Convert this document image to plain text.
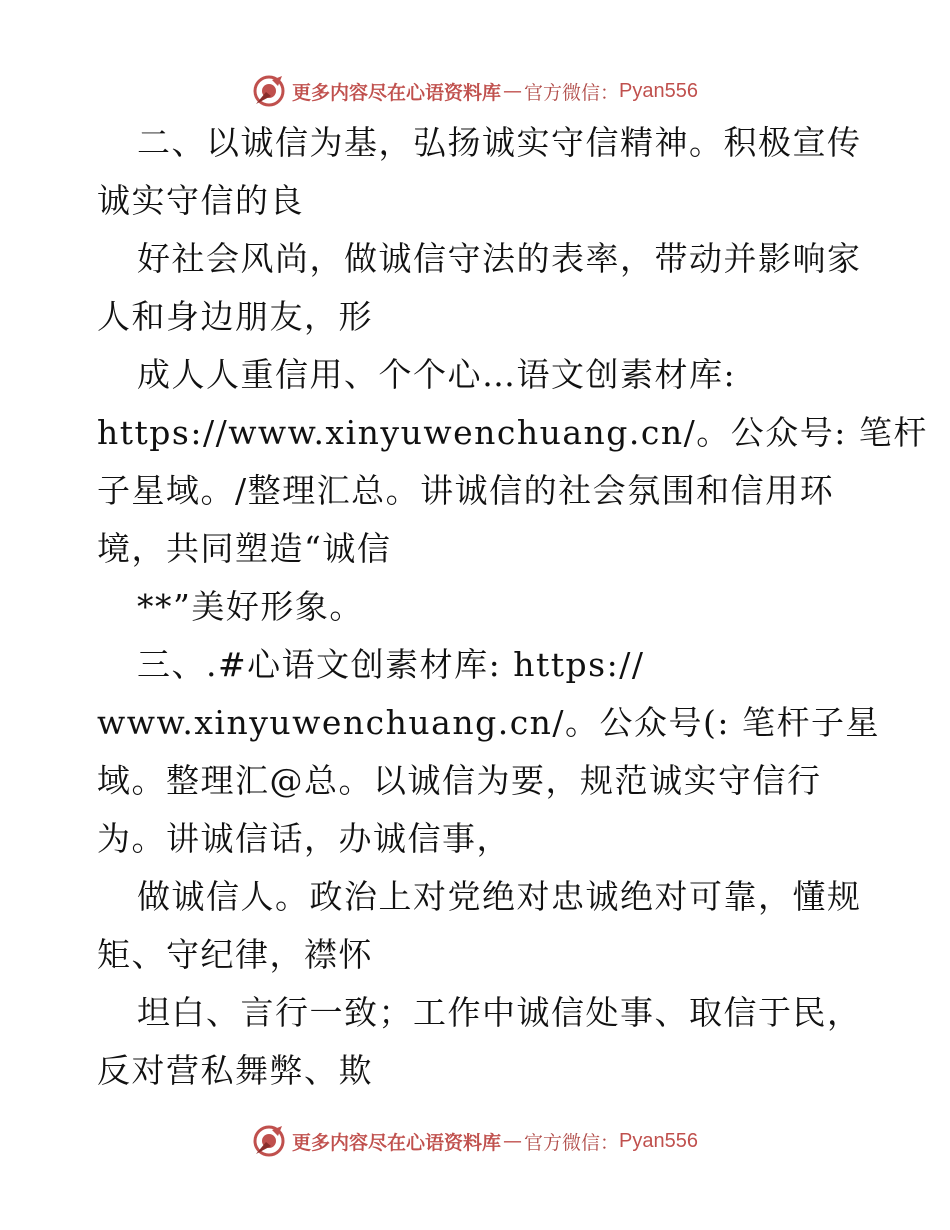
更多内容尽在心语资料库 — 官方微信： Pyan556
二、以诚信为基，弘扬诚实守信精神。积极宣传
诚实守信的良
好社会风尚，做诚信守法的表率，带动并影响家
人和身边朋友，形
成人人重信用、个个心…语文创素材库:
https://www.xinyuwenchuang.cn/。公众号: 笔杆
子星域。/整理汇总。讲诚信的社会氛围和信用环
境，共同塑造“诚信
**”美好形象。
三、.#心语文创素材库: https://
www.xinyuwenchuang.cn/。公众号(: 笔杆子星
域。整理汇@总。以诚信为要，规范诚实守信行
为。讲诚信话，办诚信事，
做诚信人。政治上对党绝对忠诚绝对可靠，懂规
矩、守纪律，襟怀
坦白、言行一致；工作中诚信处事、取信于民，
反对营私舞弊、欺
更多内容尽在心语资料库 — 官方微信： Pyan556
